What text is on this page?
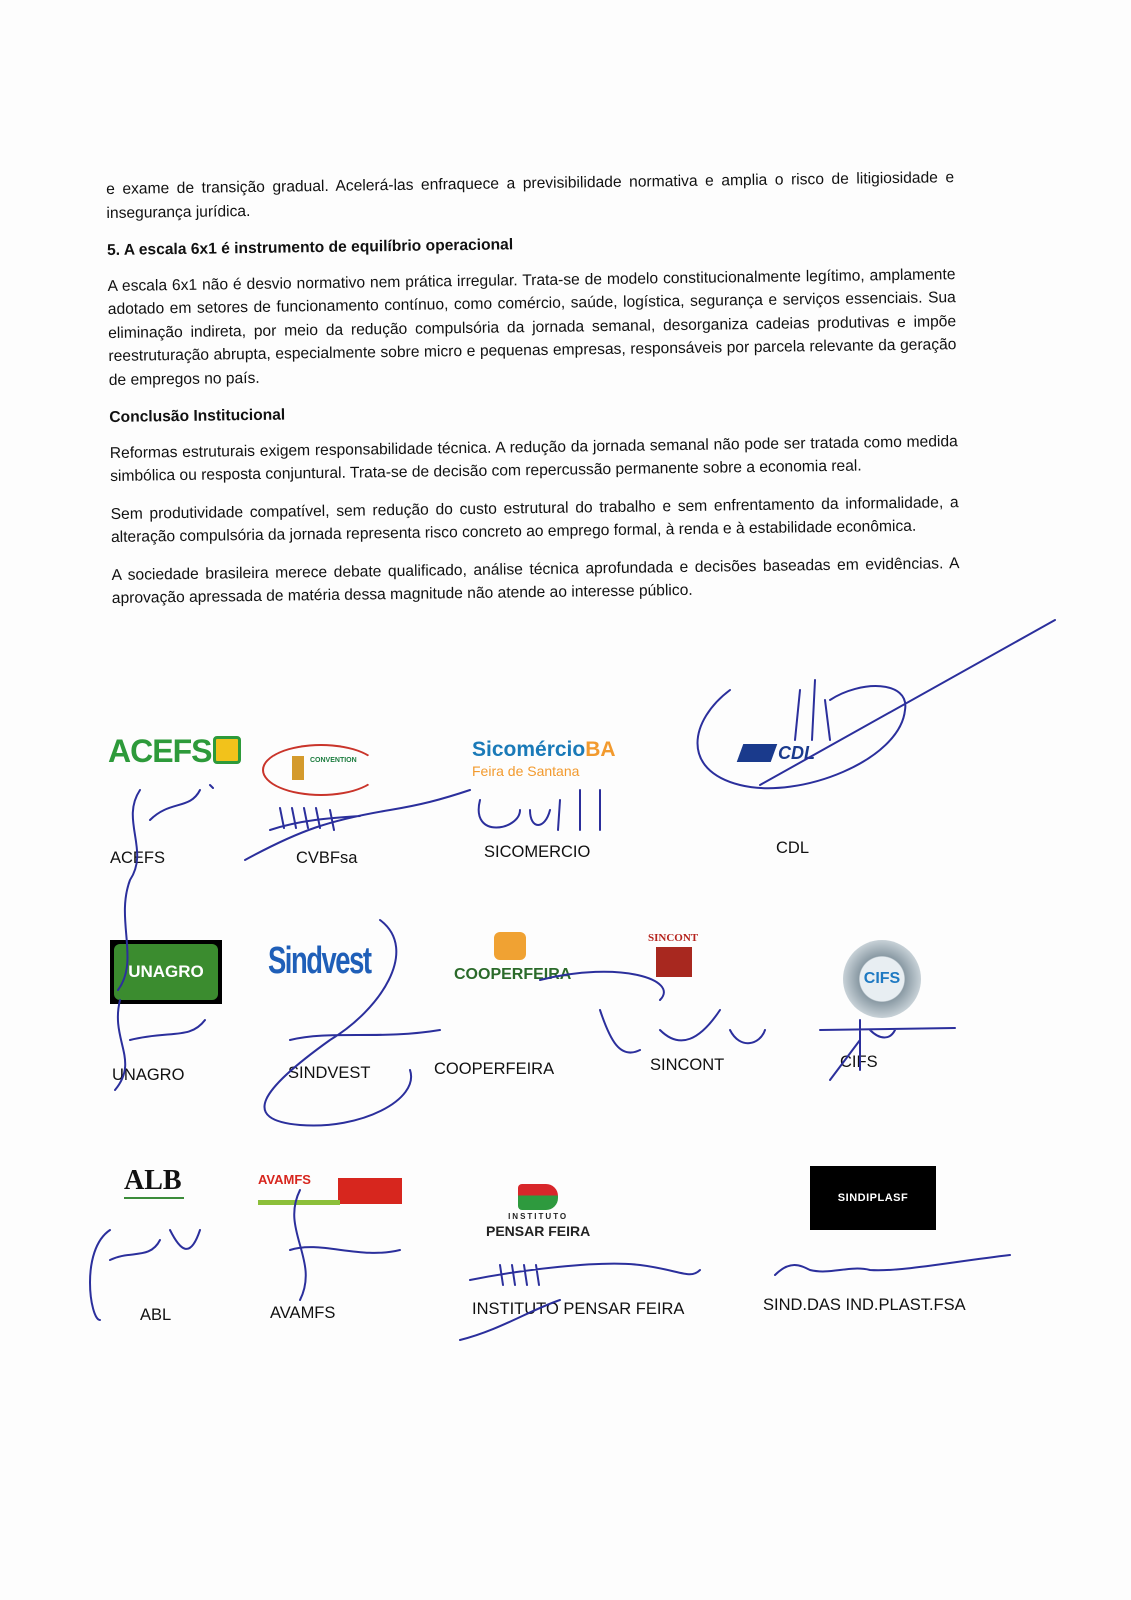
e exame de transição gradual. Acelerá-las enfraquece a previsibilidade normativa e amplia o risco de litigiosidade e insegurança jurídica.

5. A escala 6x1 é instrumento de equilíbrio operacional

A escala 6x1 não é desvio normativo nem prática irregular. Trata-se de modelo constitucionalmente legítimo, amplamente adotado em setores de funcionamento contínuo, como comércio, saúde, logística, segurança e serviços essenciais. Sua eliminação indireta, por meio da redução compulsória da jornada semanal, desorganiza cadeias produtivas e impõe reestruturação abrupta, especialmente sobre micro e pequenas empresas, responsáveis por parcela relevante da geração de empregos no país.

Conclusão Institucional

Reformas estruturais exigem responsabilidade técnica. A redução da jornada semanal não pode ser tratada como medida simbólica ou resposta conjuntural. Trata-se de decisão com repercussão permanente sobre a economia real.

Sem produtividade compatível, sem redução do custo estrutural do trabalho e sem enfrentamento da informalidade, a alteração compulsória da jornada representa risco concreto ao emprego formal, à renda e à estabilidade econômica.

A sociedade brasileira merece debate qualificado, análise técnica aprofundada e decisões baseadas em evidências. A aprovação apressada de matéria dessa magnitude não atende ao interesse público.

ACEFS	CONVENTION	SicomércioBA
Feira de Santana
CDL
ACEFS	CVBFsa	SICOMERCIO	CDL
UNAGRO	Sindvest	COOPERFEIRA
SINCONT
CIFS
UNAGRO	SINDVEST	COOPERFEIRA	SINCONT	CIFS
ALB	AVAMFS
INSTITUTO
PENSAR FEIRA
SINDIPLASF
ABL	AVAMFS	INSTITUTO PENSAR FEIRA	SIND.DAS IND.PLAST.FSA
